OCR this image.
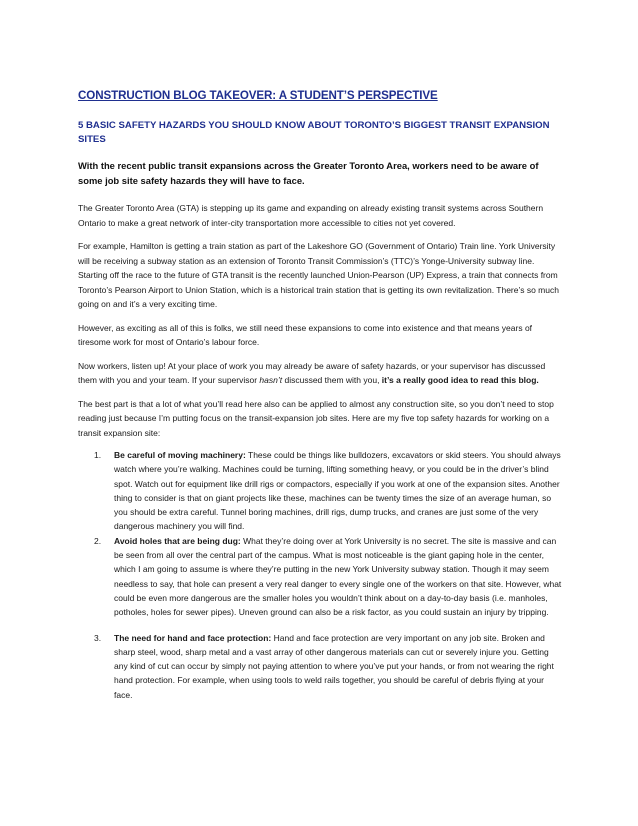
CONSTRUCTION BLOG TAKEOVER: A STUDENT’S PERSPECTIVE
5 BASIC SAFETY HAZARDS YOU SHOULD KNOW ABOUT TORONTO’S BIGGEST TRANSIT EXPANSION SITES

With the recent public transit expansions across the Greater Toronto Area, workers need to be aware of some job site safety hazards they will have to face.

The Greater Toronto Area (GTA) is stepping up its game and expanding on already existing transit systems across Southern Ontario to make a great network of inter-city transportation more accessible to cities not yet covered.

For example, Hamilton is getting a train station as part of the Lakeshore GO (Government of Ontario) Train line. York University will be receiving a subway station as an extension of Toronto Transit Commission’s (TTC)’s Yonge-University subway line. Starting off the race to the future of GTA transit is the recently launched Union-Pearson (UP) Express, a train that connects from Toronto’s Pearson Airport to Union Station, which is a historical train station that is getting its own revitalization. There’s so much going on and it’s a very exciting time.

However, as exciting as all of this is folks, we still need these expansions to come into existence and that means years of tiresome work for most of Ontario’s labour force.

Now workers, listen up! At your place of work you may already be aware of safety hazards, or your supervisor has discussed them with you and your team. If your supervisor hasn’t discussed them with you, it’s a really good idea to read this blog.

The best part is that a lot of what you’ll read here also can be applied to almost any construction site, so you don’t need to stop reading just because I’m putting focus on the transit-expansion job sites. Here are my five top safety hazards for working on a transit expansion site:

1. Be careful of moving machinery: These could be things like bulldozers, excavators or skid steers. You should always watch where you’re walking. Machines could be turning, lifting something heavy, or you could be in the driver’s blind spot. Watch out for equipment like drill rigs or compactors, especially if you work at one of the expansion sites. Another thing to consider is that on giant projects like these, machines can be twenty times the size of an average human, so you should be extra careful. Tunnel boring machines, drill rigs, dump trucks, and cranes are just some of the very dangerous machinery you will find.
2. Avoid holes that are being dug: What they’re doing over at York University is no secret. The site is massive and can be seen from all over the central part of the campus. What is most noticeable is the giant gaping hole in the center, which I am going to assume is where they’re putting in the new York University subway station. Though it may seem needless to say, that hole can present a very real danger to every single one of the workers on that site. However, what could be even more dangerous are the smaller holes you wouldn’t think about on a day-to-day basis (i.e. manholes, potholes, holes for sewer pipes). Uneven ground can also be a risk factor, as you could sustain an injury by tripping.
3. The need for hand and face protection: Hand and face protection are very important on any job site. Broken and sharp steel, wood, sharp metal and a vast array of other dangerous materials can cut or severely injure you. Getting any kind of cut can occur by simply not paying attention to where you’ve put your hands, or from not wearing the right hand protection. For example, when using tools to weld rails together, you should be careful of debris flying at your face.
